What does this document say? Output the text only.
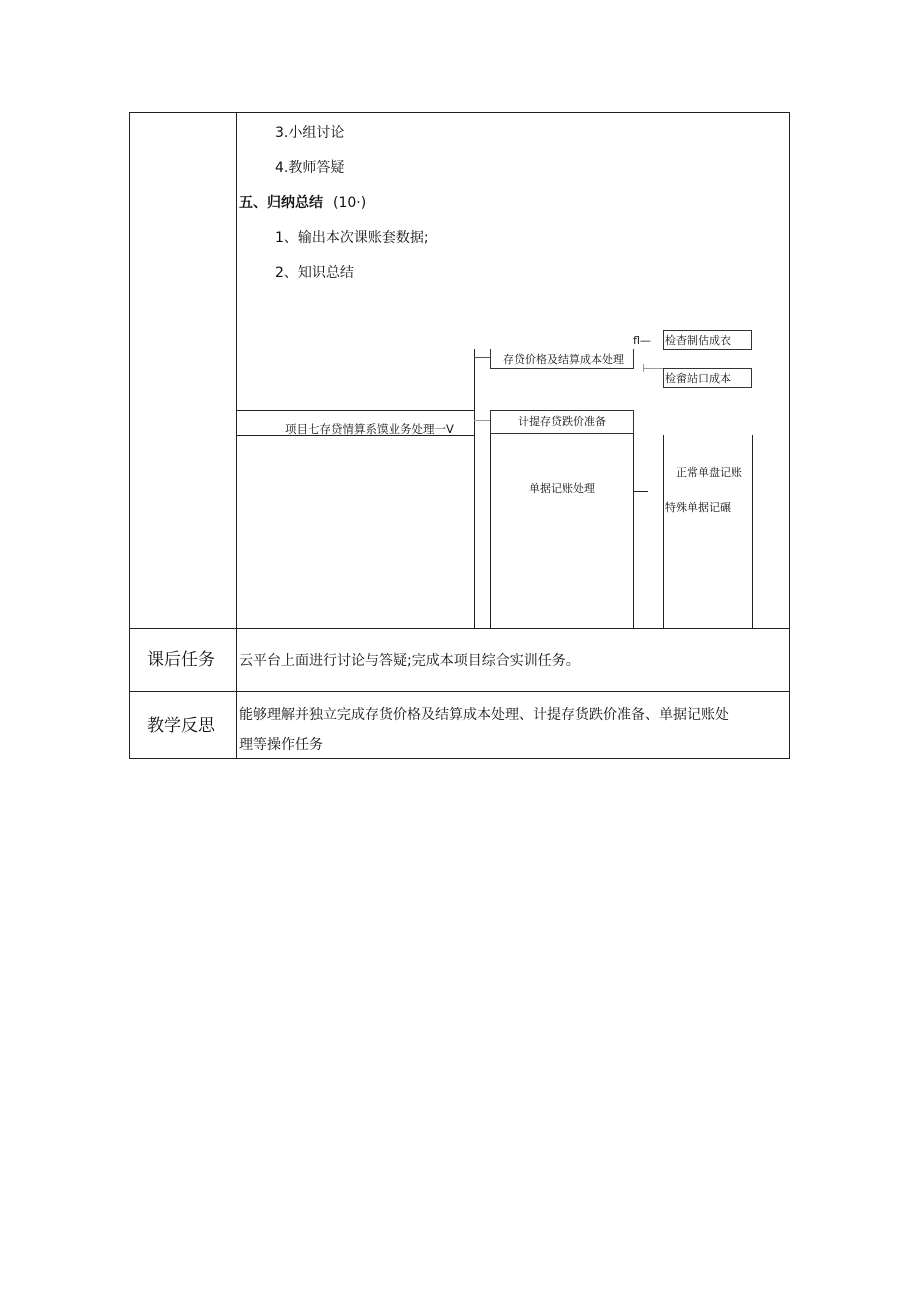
3.小组讨论
4.教师答疑
五、归纳总结 (10·)
1、输出本次课账套数据;
2、知识总结
项目七存贷情算系馍业务处理一V
存贷价格及结算成本处理
fl— 检杳制估成衣
检畲站口成本
计提存贷跌价准备
单据记账处理
正常单盘记账
特殊单据记碾
课后任务 云平台上面进行讨论与答疑;完成本项目综合实训任务。
教学反思
能够理解并独立完成存货价格及结算成本处理、计提存货跌价准备、单据记账处
理等操作任务
